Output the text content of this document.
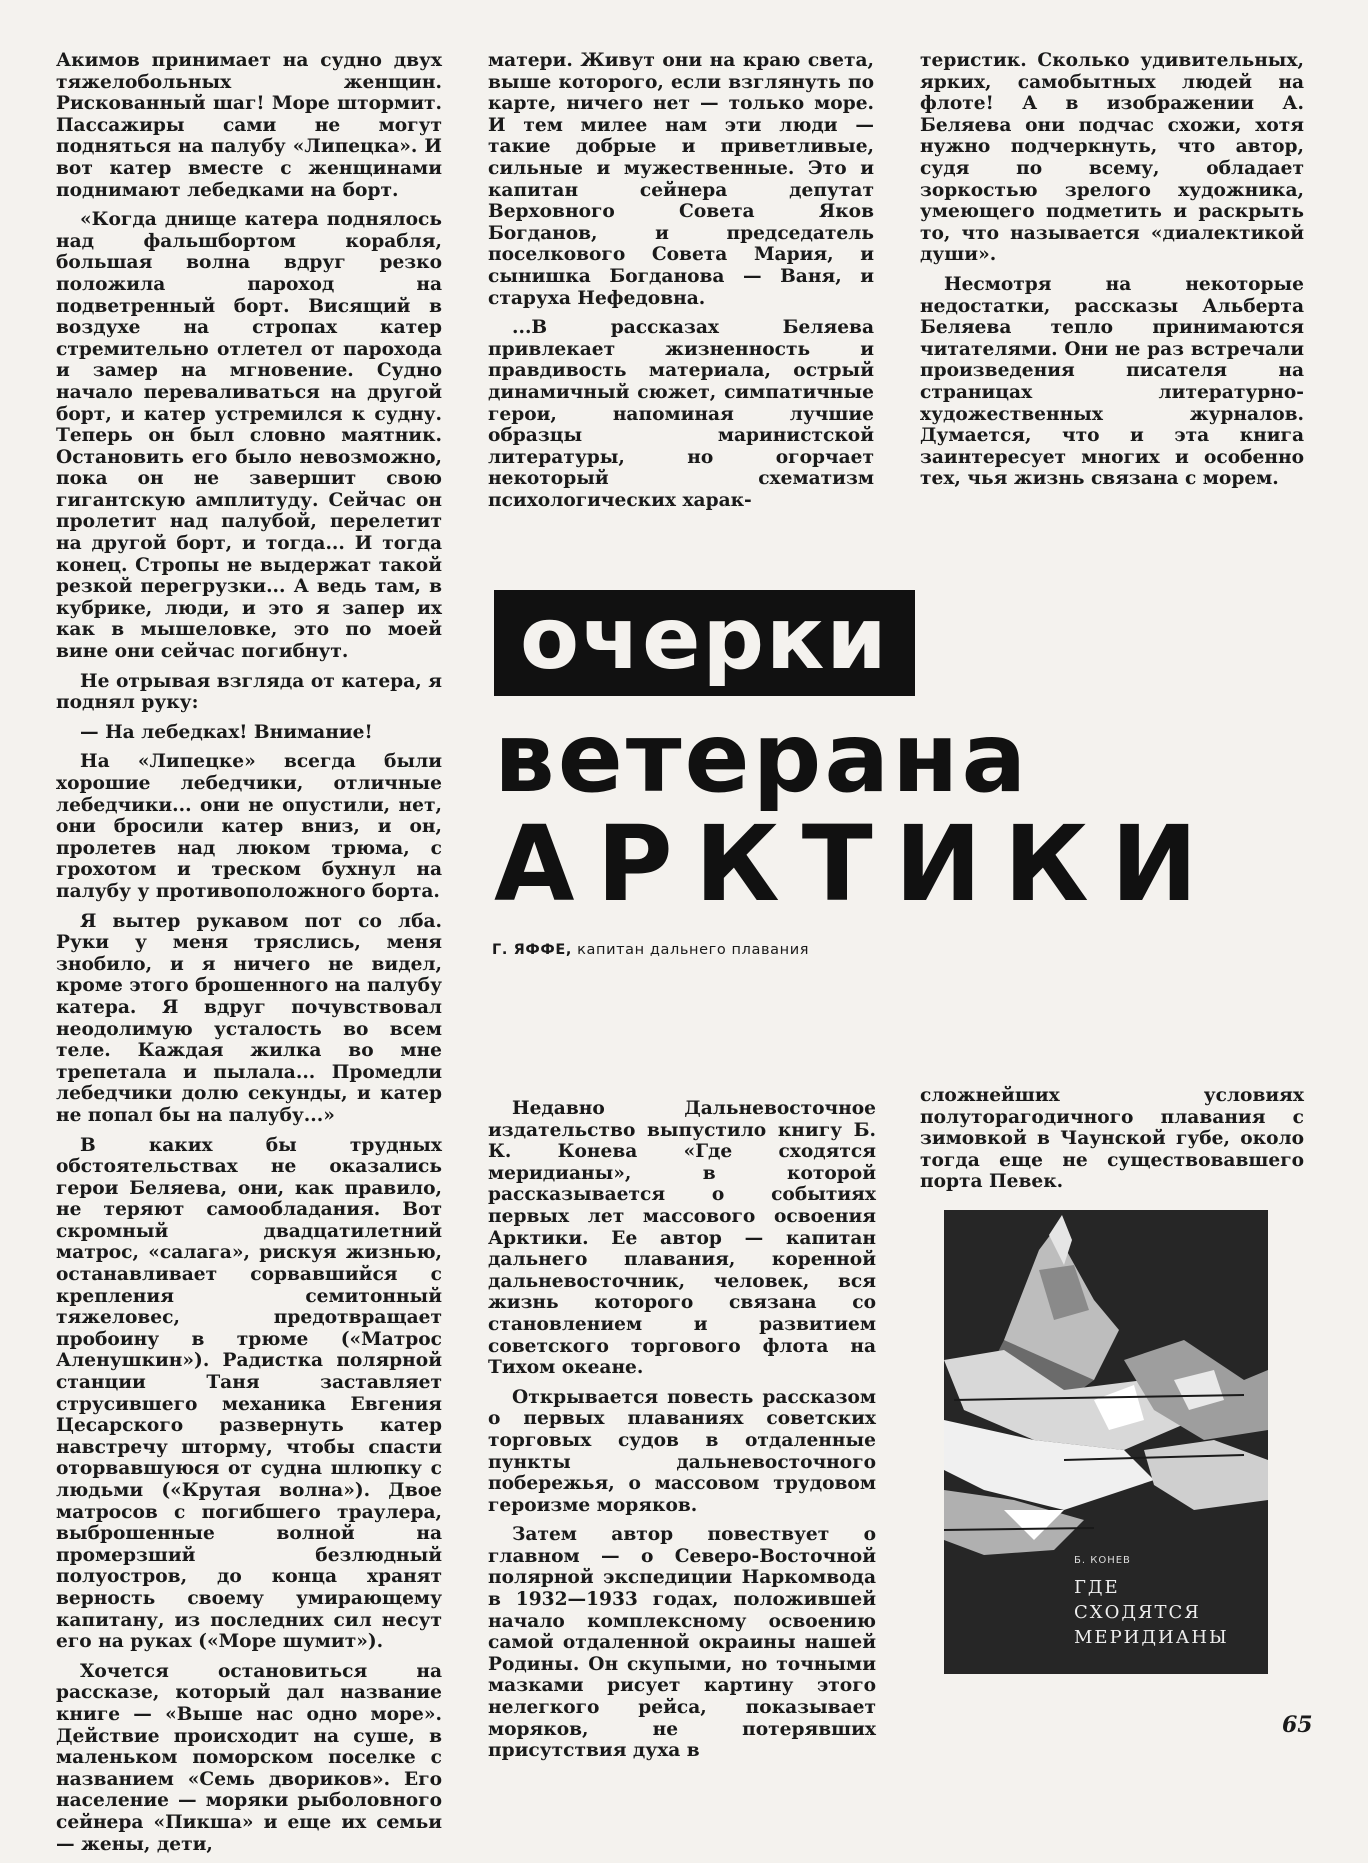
Акимов принимает на судно двух тяжелобольных женщин. Рискованный шаг! Море штормит. Пассажиры сами не могут подняться на палубу «Липецка». И вот катер вместе с женщинами поднимают лебедками на борт.

«Когда днище катера поднялось над фальшбортом корабля, большая волна вдруг резко положила пароход на подветренный борт. Висящий в воздухе на стропах катер стремительно отлетел от парохода и замер на мгновение. Судно начало переваливаться на другой борт, и катер устремился к судну. Теперь он был словно маятник. Остановить его было невозможно, пока он не завершит свою гигантскую амплитуду. Сейчас он пролетит над палубой, перелетит на другой борт, и тогда... И тогда конец. Стропы не выдержат такой резкой перегрузки... А ведь там, в кубрике, люди, и это я запер их как в мышеловке, это по моей вине они сейчас погибнут.

Не отрывая взгляда от катера, я поднял руку:

— На лебедках! Внимание!

На «Липецке» всегда были хорошие лебедчики, отличные лебедчики... они не опустили, нет, они бросили катер вниз, и он, пролетев над люком трюма, с грохотом и треском бухнул на палубу у противоположного борта.

Я вытер рукавом пот со лба. Руки у меня тряслись, меня знобило, и я ничего не видел, кроме этого брошенного на палубу катера. Я вдруг почувствовал неодолимую усталость во всем теле. Каждая жилка во мне трепетала и пылала... Промедли лебедчики долю секунды, и катер не попал бы на палубу...»

В каких бы трудных обстоятельствах не оказались герои Беляева, они, как правило, не теряют самообладания. Вот скромный двадцатилетний матрос, «салага», рискуя жизнью, останавливает сорвавшийся с крепления семитонный тяжеловес, предотвращает пробоину в трюме («Матрос Аленушкин»). Радистка полярной станции Таня заставляет струсившего механика Евгения Цесарского развернуть катер навстречу шторму, чтобы спасти оторвавшуюся от судна шлюпку с людьми («Крутая волна»). Двое матросов с погибшего траулера, выброшенные волной на промерзший безлюдный полуостров, до конца хранят верность своему умирающему капитану, из последних сил несут его на руках («Море шумит»).

Хочется остановиться на рассказе, который дал название книге — «Выше нас одно море». Действие происходит на суше, в маленьком поморском поселке с названием «Семь двориков». Его население — моряки рыболовного сейнера «Пикша» и еще их семьи — жены, дети,

матери. Живут они на краю света, выше которого, если взглянуть по карте, ничего нет — только море. И тем милее нам эти люди — такие добрые и приветливые, сильные и мужественные. Это и капитан сейнера депутат Верховного Совета Яков Богданов, и председатель поселкового Совета Мария, и сынишка Богданова — Ваня, и старуха Нефедовна.

...В рассказах Беляева привлекает жизненность и правдивость материала, острый динамичный сюжет, симпатичные герои, напоминая лучшие образцы маринистской литературы, но огорчает некоторый схематизм психологических харак-

теристик. Сколько удивительных, ярких, самобытных людей на флоте! А в изображении А. Беляева они подчас схожи, хотя нужно подчеркнуть, что автор, судя по всему, обладает зоркостью зрелого художника, умеющего подметить и раскрыть то, что называется «диалектикой души».

Несмотря на некоторые недостатки, рассказы Альберта Беляева тепло принимаются читателями. Они не раз встречали произведения писателя на страницах литературно-художественных журналов. Думается, что и эта книга заинтересует многих и особенно тех, чья жизнь связана с морем.

очерки
ветерана
АРКТИКИ
Г. ЯФФЕ, капитан дальнего плавания

Недавно Дальневосточное издательство выпустило книгу Б. К. Конева «Где сходятся меридианы», в которой рассказывается о событиях первых лет массового освоения Арктики. Ее автор — капитан дальнего плавания, коренной дальневосточник, человек, вся жизнь которого связана со становлением и развитием советского торгового флота на Тихом океане.

Открывается повесть рассказом о первых плаваниях советских торговых судов в отдаленные пункты дальневосточного побережья, о массовом трудовом героизме моряков.

Затем автор повествует о главном — о Северо-Восточной полярной экспедиции Наркомвода в 1932—1933 годах, положившей начало комплексному освоению самой отдаленной окраины нашей Родины. Он скупыми, но точными мазками рисует картину этого нелегкого рейса, показывает моряков, не потерявших присутствия духа в

сложнейших условиях полуторагодичного плавания с зимовкой в Чаунской губе, около тогда еще не существовавшего порта Певек.

Б. КОНЕВ
ГДЕ
СХОДЯТСЯ
МЕРИДИАНЫ
65
